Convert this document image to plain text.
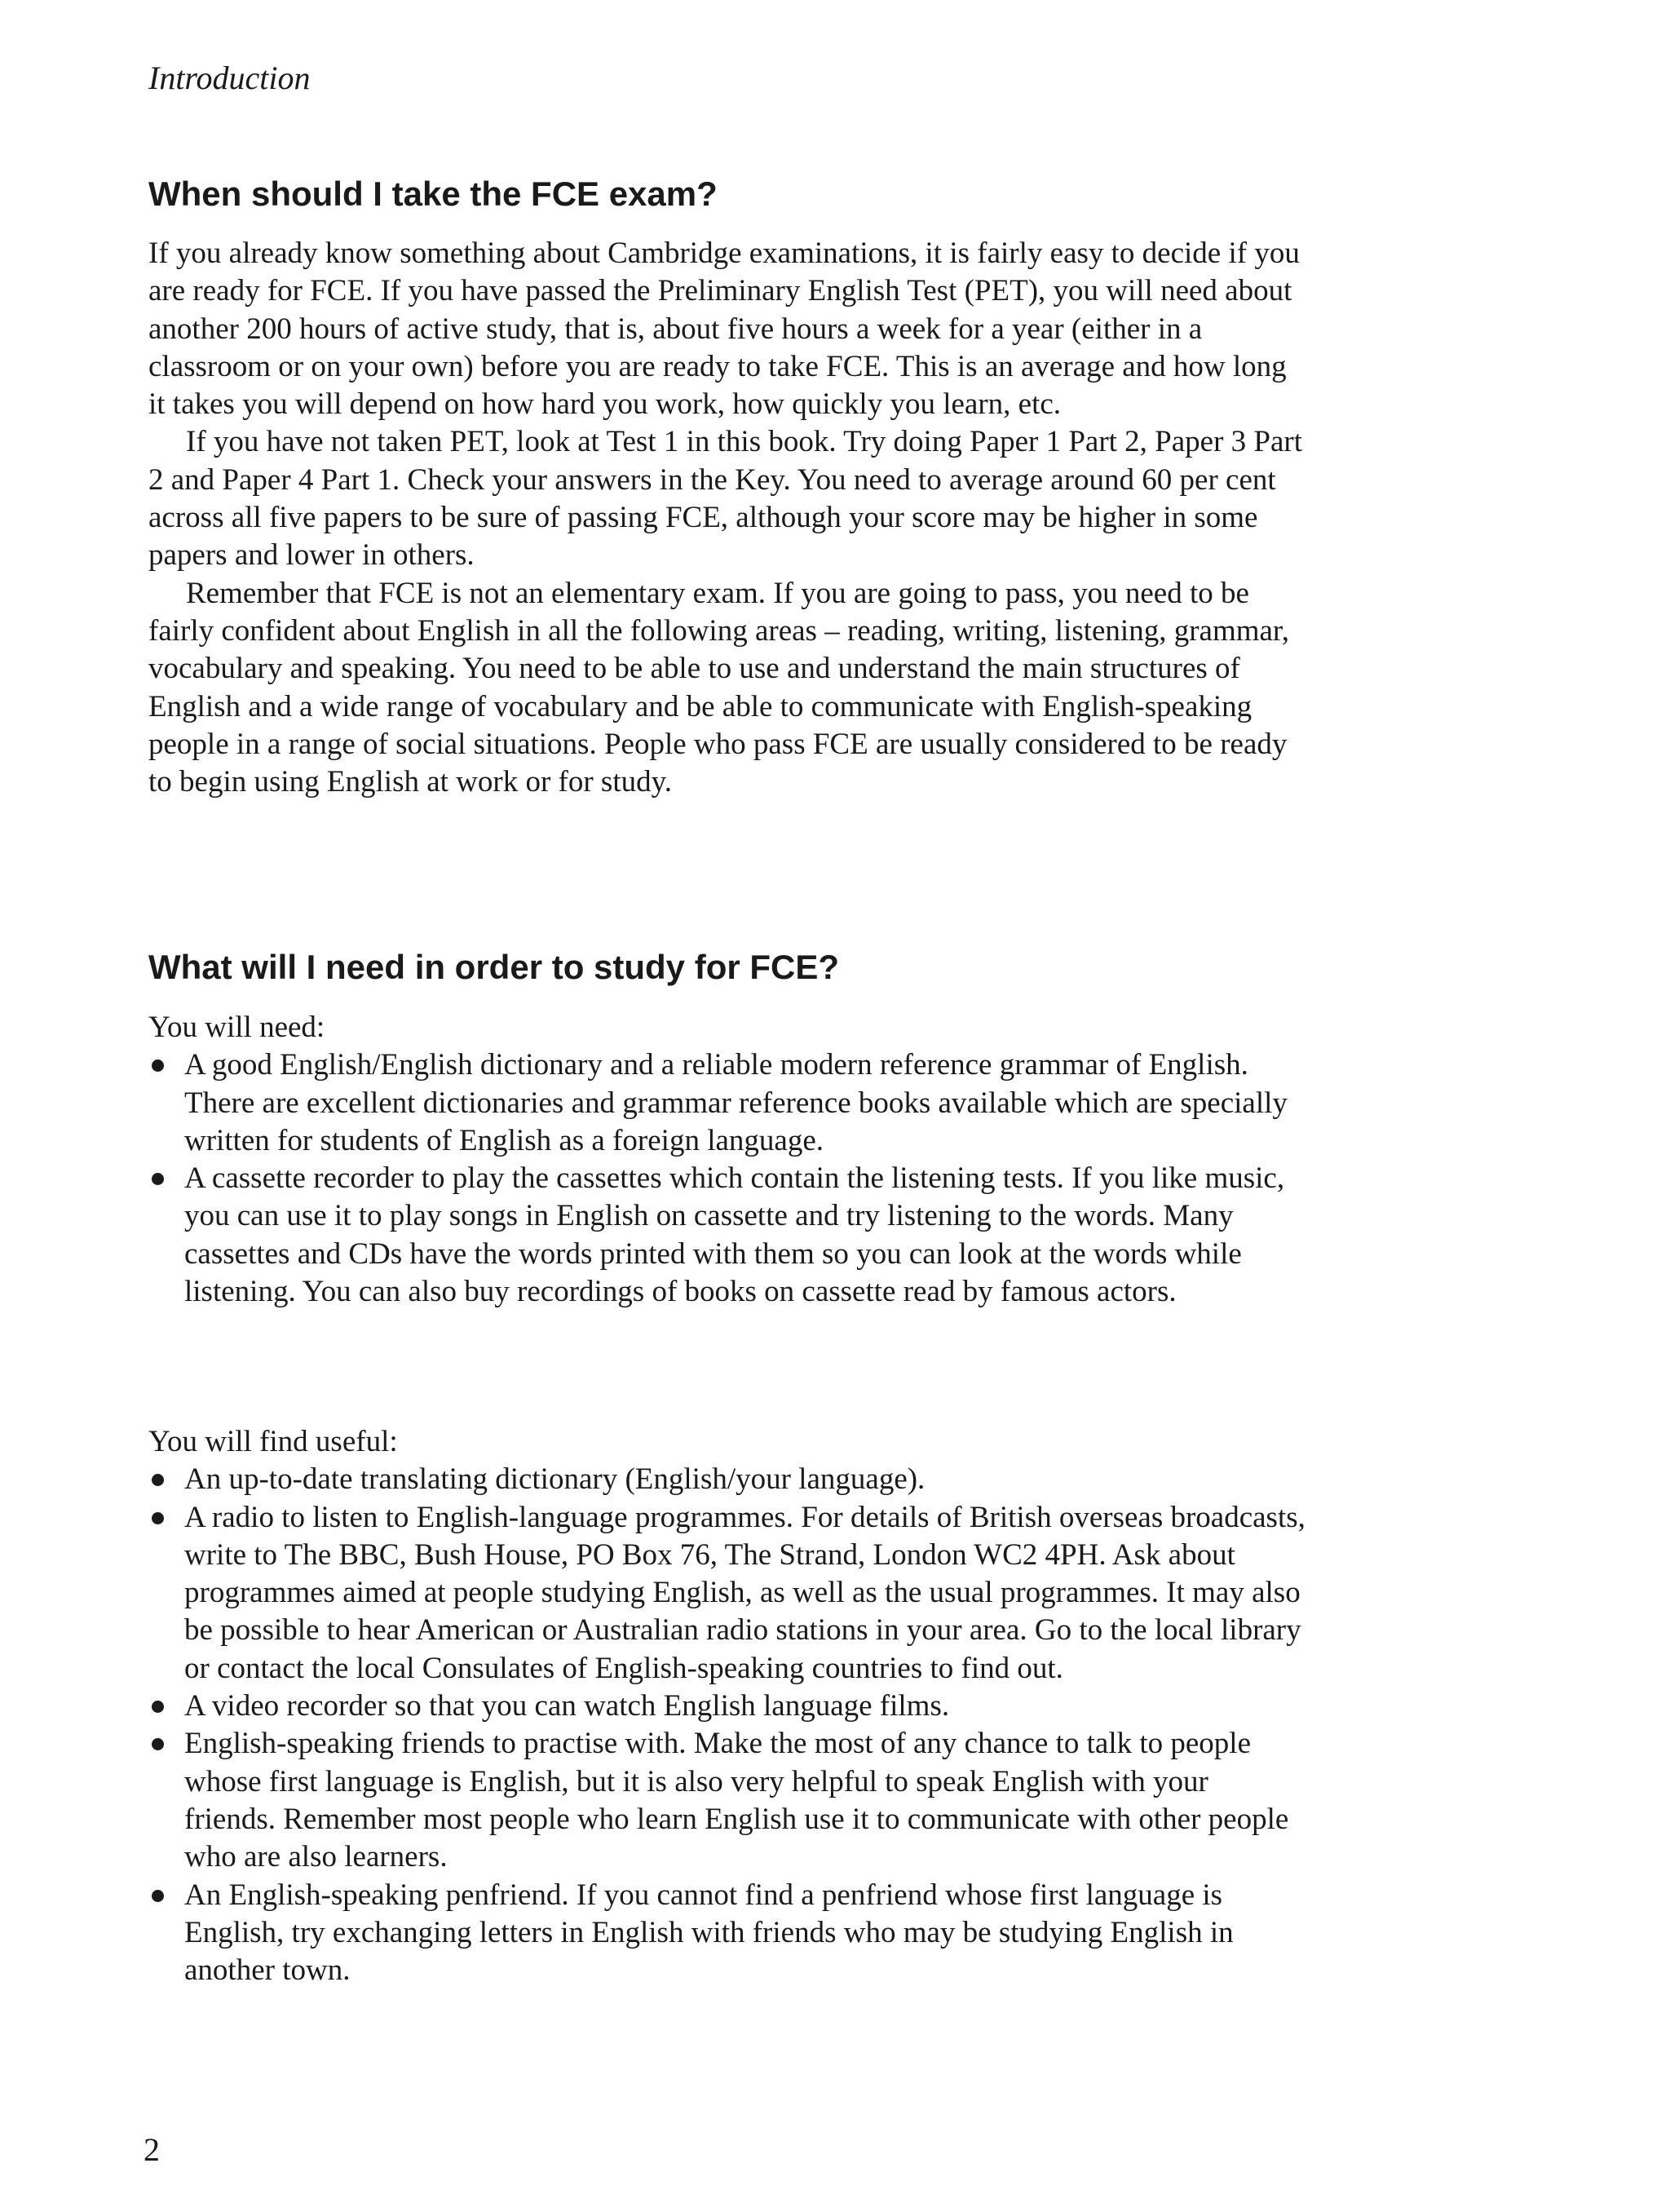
Introduction

When should I take the FCE exam?

If you already know something about Cambridge examinations, it is fairly easy to decide if you are ready for FCE. If you have passed the Preliminary English Test (PET), you will need about another 200 hours of active study, that is, about five hours a week for a year (either in a classroom or on your own) before you are ready to take FCE. This is an average and how long it takes you will depend on how hard you work, how quickly you learn, etc.

If you have not taken PET, look at Test 1 in this book. Try doing Paper 1 Part 2, Paper 3 Part 2 and Paper 4 Part 1. Check your answers in the Key. You need to average around 60 per cent across all five papers to be sure of passing FCE, although your score may be higher in some papers and lower in others.

Remember that FCE is not an elementary exam. If you are going to pass, you need to be fairly confident about English in all the following areas – reading, writing, listening, grammar, vocabulary and speaking. You need to be able to use and understand the main structures of English and a wide range of vocabulary and be able to communicate with English-speaking people in a range of social situations. People who pass FCE are usually considered to be ready to begin using English at work or for study.

What will I need in order to study for FCE?

You will need:

A good English/English dictionary and a reliable modern reference grammar of English. There are excellent dictionaries and grammar reference books available which are specially written for students of English as a foreign language.
A cassette recorder to play the cassettes which contain the listening tests. If you like music, you can use it to play songs in English on cassette and try listening to the words. Many cassettes and CDs have the words printed with them so you can look at the words while listening. You can also buy recordings of books on cassette read by famous actors.

You will find useful:

An up-to-date translating dictionary (English/your language).
A radio to listen to English-language programmes. For details of British overseas broadcasts, write to The BBC, Bush House, PO Box 76, The Strand, London WC2 4PH. Ask about programmes aimed at people studying English, as well as the usual programmes. It may also be possible to hear American or Australian radio stations in your area. Go to the local library or contact the local Consulates of English-speaking countries to find out.
A video recorder so that you can watch English language films.
English-speaking friends to practise with. Make the most of any chance to talk to people whose first language is English, but it is also very helpful to speak English with your friends. Remember most people who learn English use it to communicate with other people who are also learners.
An English-speaking penfriend. If you cannot find a penfriend whose first language is English, try exchanging letters in English with friends who may be studying English in another town.

2
